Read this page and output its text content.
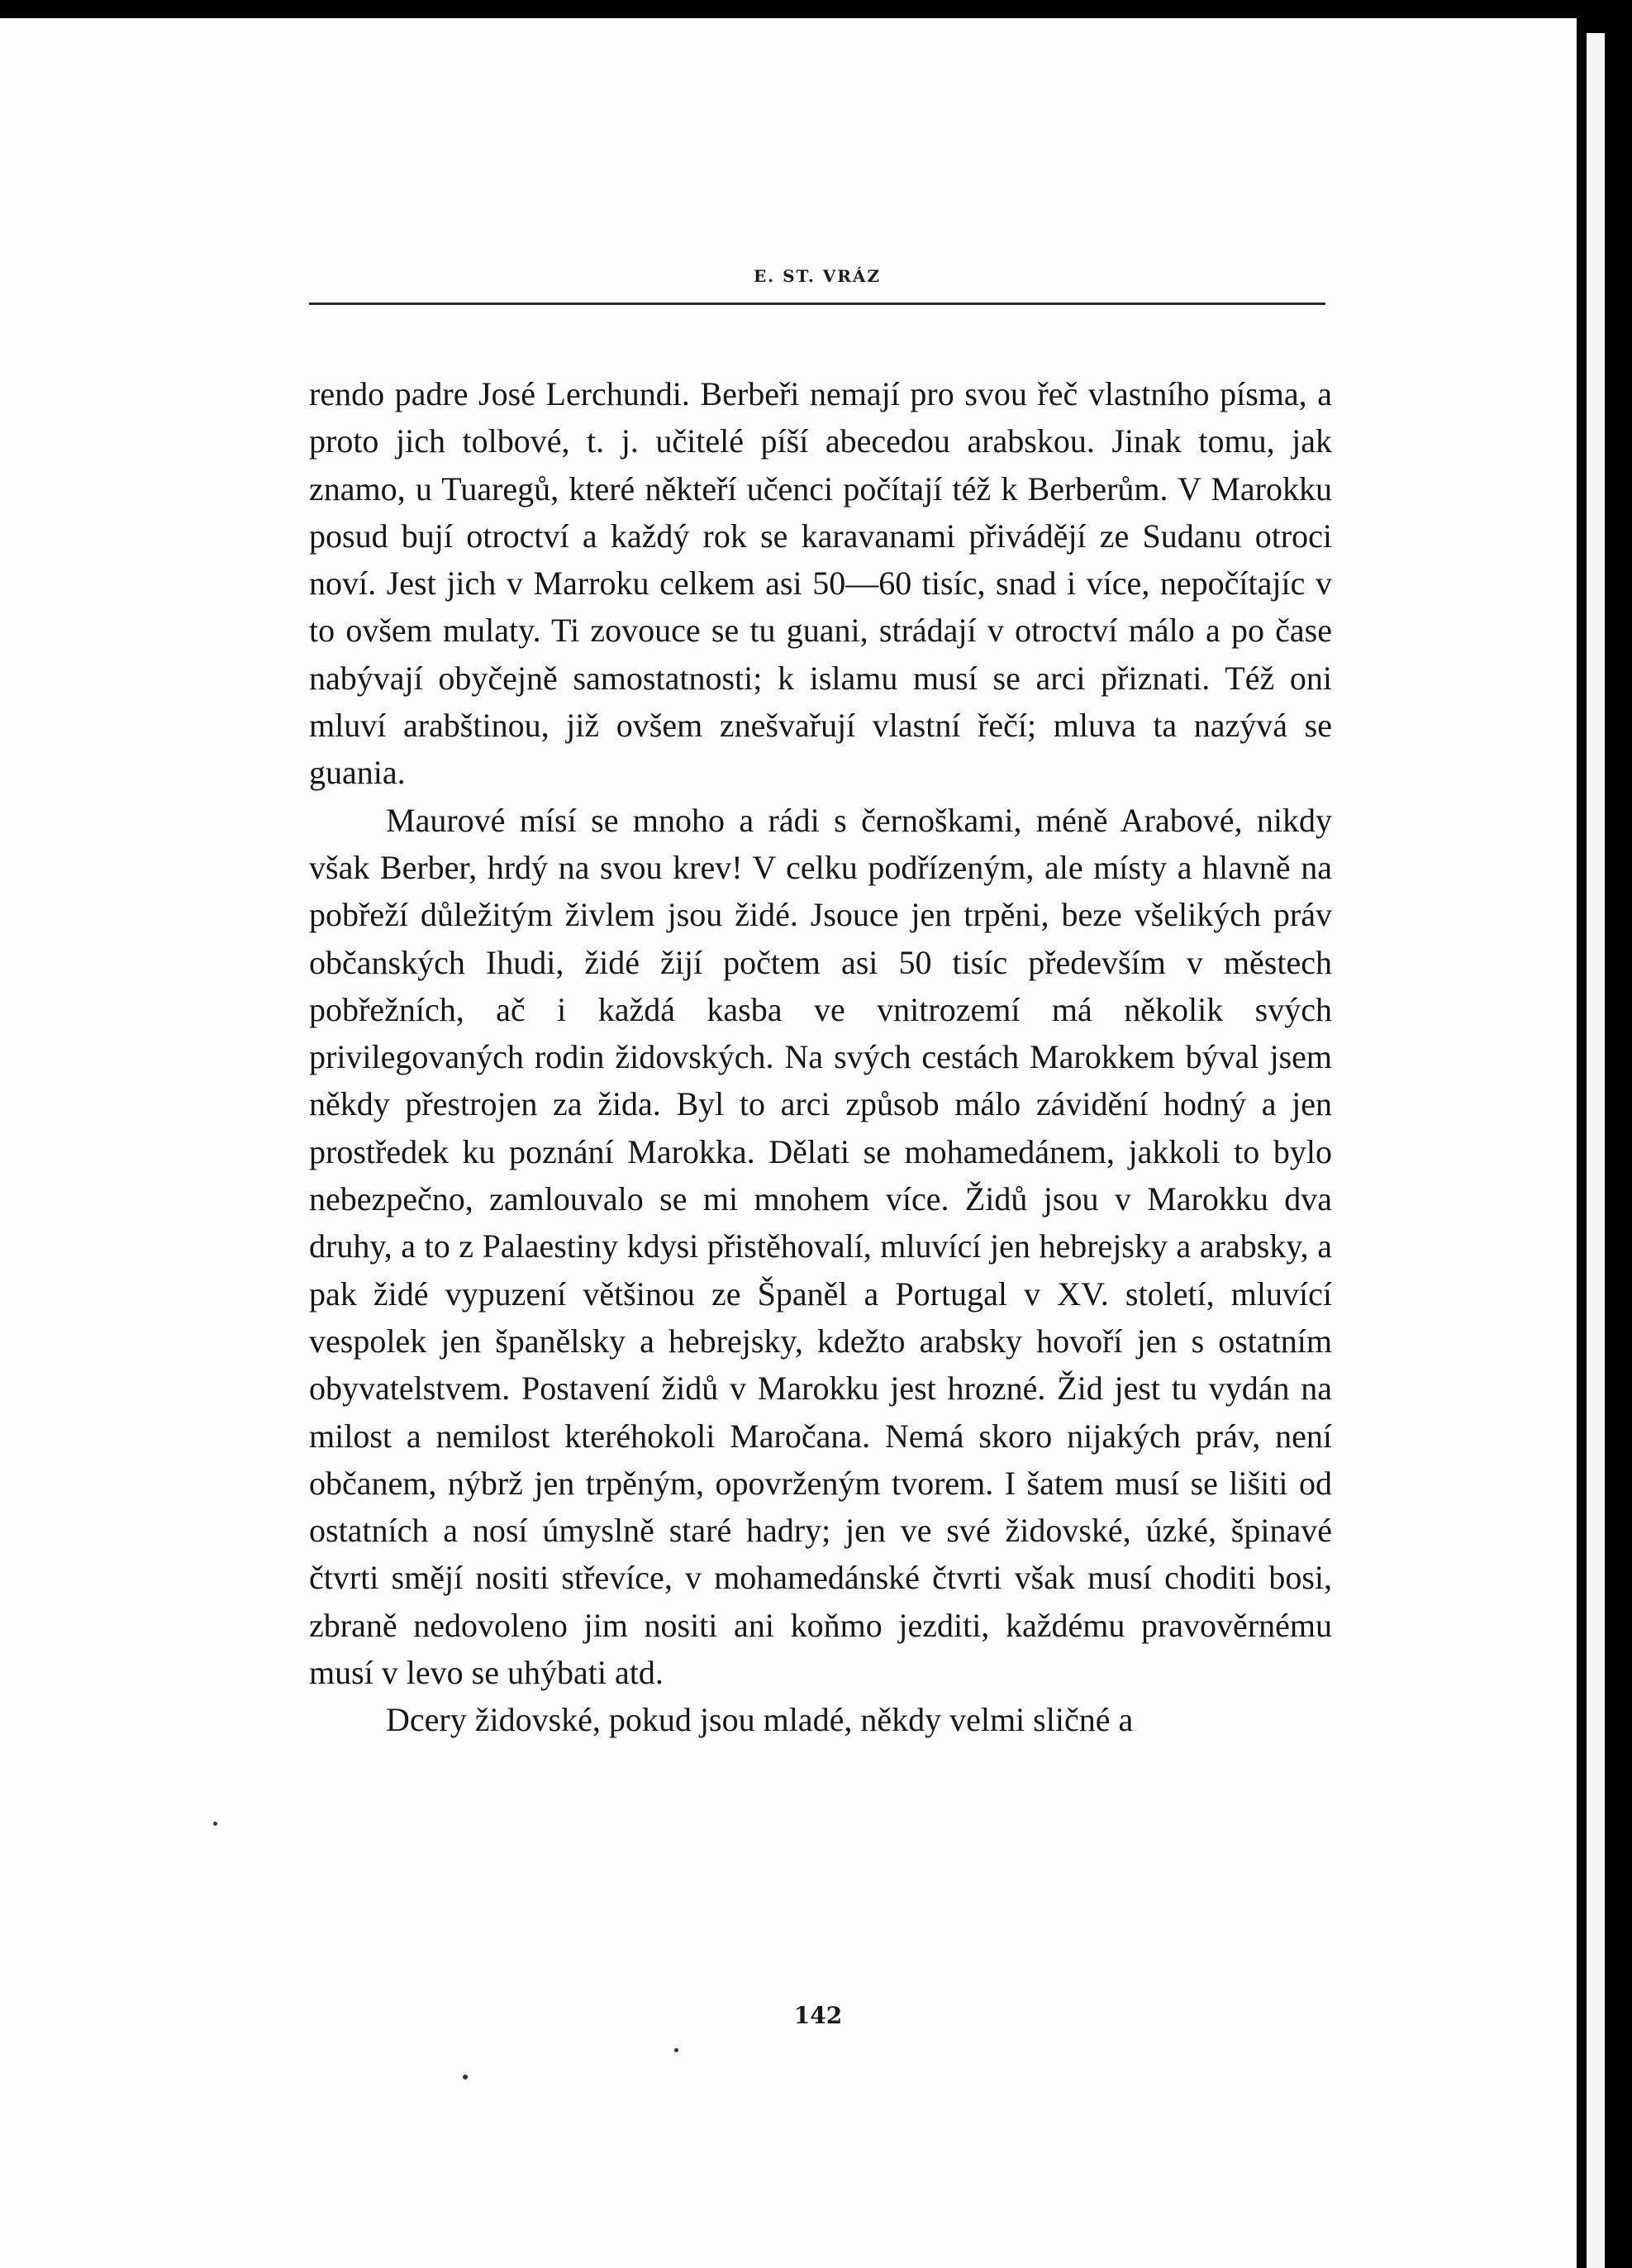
E. ST. VRÁZ

rendo padre José Lerchundi. Berbeři nemají pro svou řeč vlastního písma, a proto jich tolbové, t. j. učitelé píší abecedou arabskou. Jinak tomu, jak znamo, u Tuaregů, které někteří učenci počítají též k Berberům. V Marokku posud bují otroctví a každý rok se karavanami přivádějí ze Sudanu otroci noví. Jest jich v Marroku celkem asi 50—60 tisíc, snad i více, nepočítajíc v to ovšem mulaty. Ti zovouce se tu guani, strádají v otroctví málo a po čase nabývají obyčejně samostatnosti; k islamu musí se arci přiznati. Též oni mluví arabštinou, již ovšem znešvařují vlastní řečí; mluva ta nazývá se guania.

Maurové mísí se mnoho a rádi s černoškami, méně Arabové, nikdy však Berber, hrdý na svou krev! V celku podřízeným, ale místy a hlavně na pobřeží důležitým živlem jsou židé. Jsouce jen trpěni, beze všelikých práv občanských Ihudi, židé žijí počtem asi 50 tisíc především v městech pobřežních, ač i každá kasba ve vnitrozemí má několik svých privilegovaných rodin židovských. Na svých cestách Marokkem býval jsem někdy přestrojen za žida. Byl to arci způsob málo závidění hodný a jen prostředek ku poznání Marokka. Dělati se mohamedánem, jakkoli to bylo nebezpečno, zamlouvalo se mi mnohem více. Židů jsou v Marokku dva druhy, a to z Palaestiny kdysi přistěhovalí, mluvící jen hebrejsky a arabsky, a pak židé vypuzení většinou ze Španěl a Portugal v XV. století, mluvící vespolek jen španělsky a hebrejsky, kdežto arabsky hovoří jen s ostatním obyvatelstvem. Postavení židů v Marokku jest hrozné. Žid jest tu vydán na milost a nemilost kteréhokoli Maročana. Nemá skoro nijakých práv, není občanem, nýbrž jen trpěným, opovrženým tvorem. I šatem musí se lišiti od ostatních a nosí úmyslně staré hadry; jen ve své židovské, úzké, špinavé čtvrti smějí nositi střevíce, v mohamedánské čtvrti však musí choditi bosi, zbraně nedovoleno jim nositi ani koňmo jezditi, každému pravověrnému musí v levo se uhýbati atd.

Dcery židovské, pokud jsou mladé, někdy velmi sličné a

142
